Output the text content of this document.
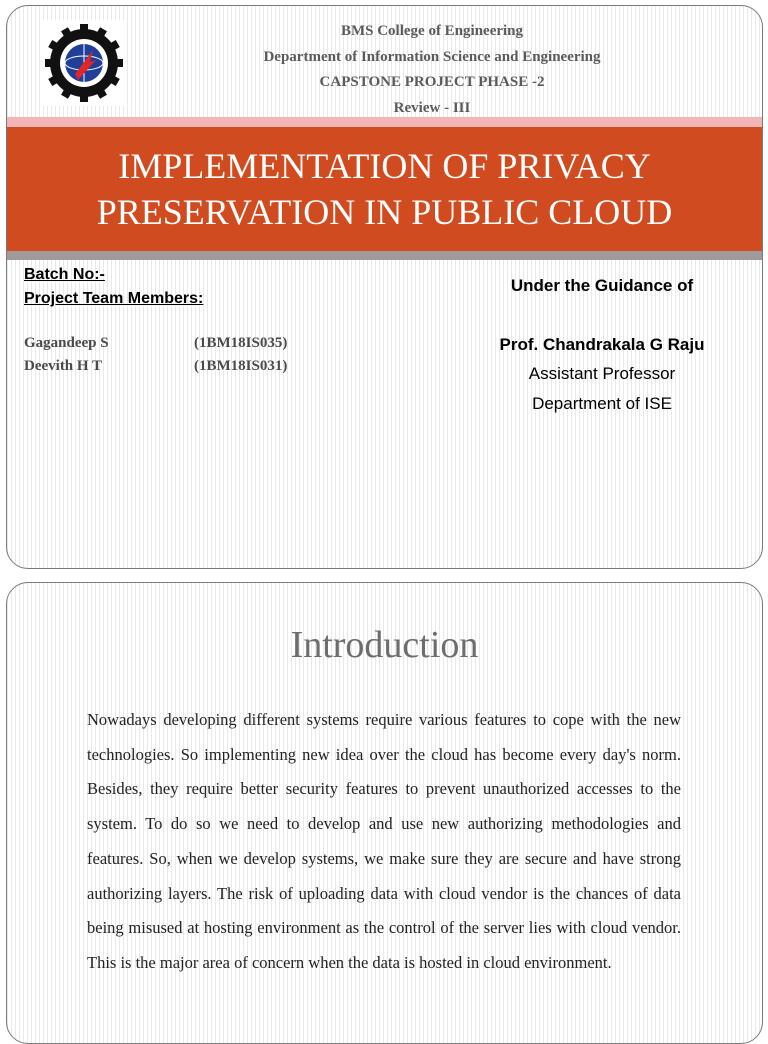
BMS College of Engineering
Department of Information Science and Engineering
CAPSTONE PROJECT PHASE -2
Review - III
IMPLEMENTATION OF PRIVACY
PRESERVATION IN PUBLIC CLOUD
Batch No:-
Project Team Members:
Gagandeep S	(1BM18IS035)
Deevith H T	(1BM18IS031)
Under the Guidance of
Prof. Chandrakala G Raju
Assistant Professor
Department of ISE
Introduction
Nowadays developing different systems require various features to cope with the new technologies. So implementing new idea over the cloud has become every day's norm. Besides, they require better security features to prevent unauthorized accesses to the system. To do so we need to develop and use new authorizing methodologies and features. So, when we develop systems, we make sure they are secure and have strong authorizing layers. The risk of uploading data with cloud vendor is the chances of data being misused at hosting environment as the control of the server lies with cloud vendor. This is the major area of concern when the data is hosted in cloud environment.
